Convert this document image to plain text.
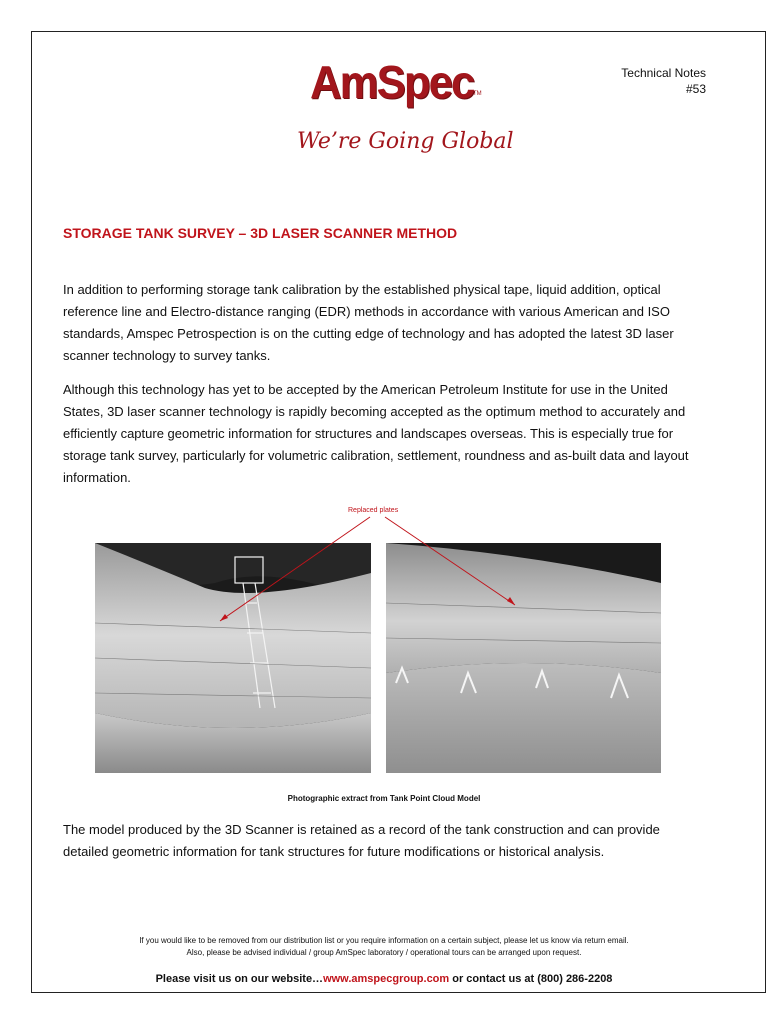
AmSpec TM
We’re Going Global
Technical Notes
#53
STORAGE TANK SURVEY – 3D LASER SCANNER METHOD

In addition to performing storage tank calibration by the established physical tape, liquid addition, optical reference line and Electro-distance ranging (EDR) methods in accordance with various American and ISO standards, Amspec Petrospection is on the cutting edge of technology and has adopted the latest 3D laser scanner technology to survey tanks.

Although this technology has yet to be accepted by the American Petroleum Institute for use in the United States, 3D laser scanner technology is rapidly becoming accepted as the optimum method to accurately and efficiently capture geometric information for structures and landscapes overseas. This is especially true for storage tank survey, particularly for volumetric calibration, settlement, roundness and as-built data and layout information.

Replaced plates
Photographic extract from Tank Point Cloud Model

The model produced by the 3D Scanner is retained as a record of the tank construction and can provide detailed geometric information for tank structures for future modifications or historical analysis.

If you would like to be removed from our distribution list or you require information on a certain subject, please let us know via return email.
Also, please be advised individual / group AmSpec laboratory / operational tours can be arranged upon request.
Please visit us on our website…www.amspecgroup.com or contact us at (800) 286-2208
